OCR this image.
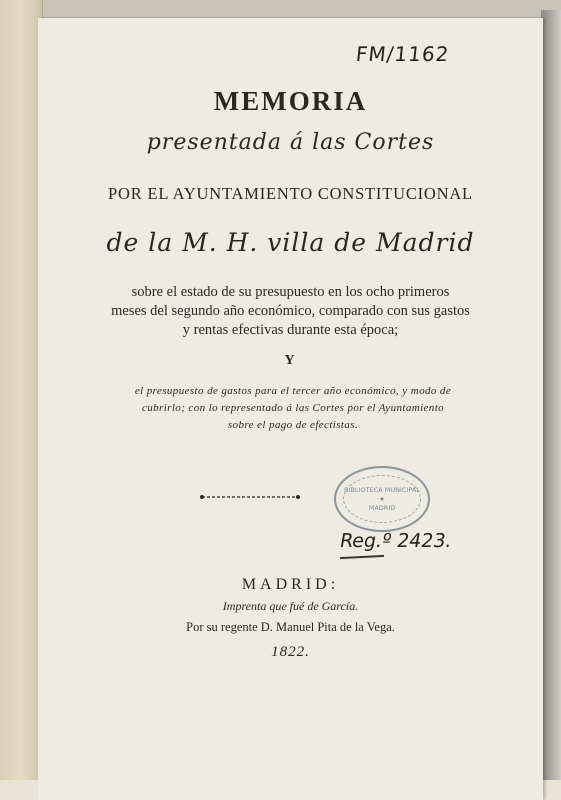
FM/1162
MEMORIA
presentada á las Cortes
POR EL AYUNTAMIENTO CONSTITUCIONAL
de la M. H. villa de Madrid
sobre el estado de su presupuesto en los ocho primeros
meses del segundo año económico, comparado con sus gastos
y rentas efectivas durante esta época;
Y
el presupuesto de gastos para el tercer año económico, y modo de
cubrirlo; con lo representado á las Cortes por el Ayuntamiento
sobre el pago de efectistas.
BIBLIOTECA MUNICIPAL
★
MADRID
Reg.º 2423.
MADRID:
Imprenta que fué de García.
Por su regente D. Manuel Pita de la Vega.
1822.
